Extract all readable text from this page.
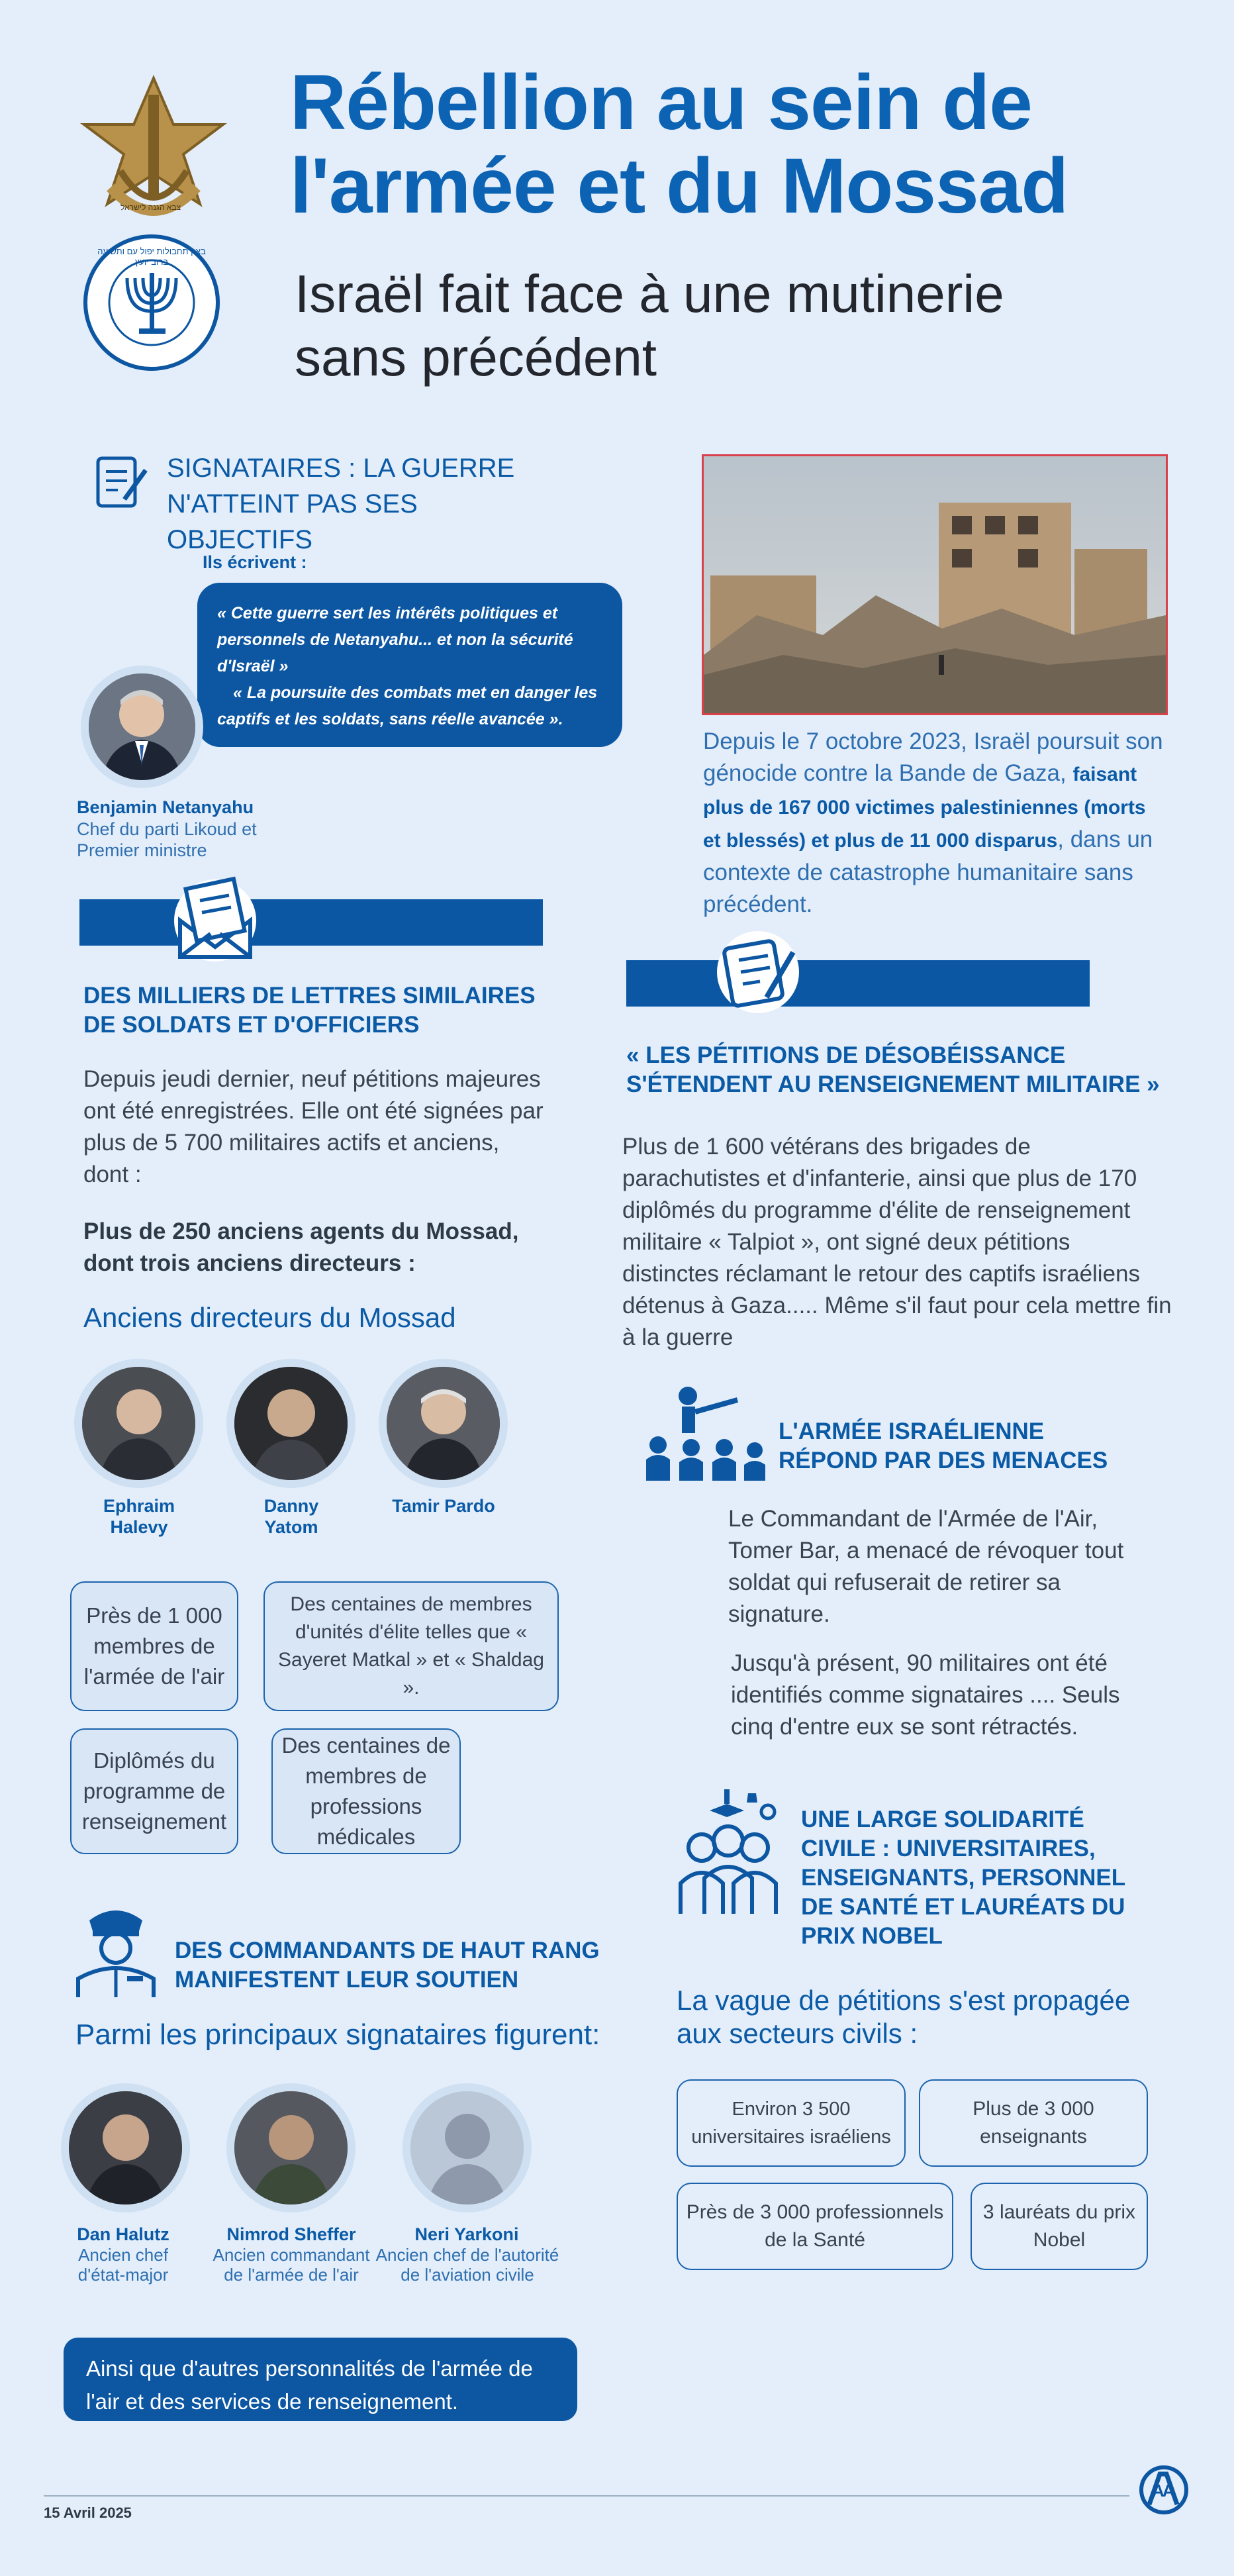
צבא הגנה לישראל
באין תחבולות יפול עם ותשועה ברוב יועץ
Rébellion au sein de l'armée et du Mossad
Israël fait face à une mutinerie sans précédent
SIGNATAIRES : LA GUERRE N'ATTEINT PAS SES OBJECTIFS
Ils écrivent :
« Cette guerre sert les intérêts politiques et personnels de Netanyahu... et non la sécurité d'Israël »
« La poursuite des combats met en danger les captifs et les soldats, sans réelle avancée ».
Benjamin Netanyahu
Chef du parti Likoud et Premier ministre
Depuis le 7 octobre 2023, Israël poursuit son génocide contre la Bande de Gaza, faisant plus de 167 000 victimes palestiniennes (morts et blessés) et plus de 11 000 disparus, dans un contexte de catastrophe humanitaire sans précédent.
DES MILLIERS DE LETTRES SIMILAIRES DE SOLDATS ET D'OFFICIERS
Depuis jeudi dernier, neuf pétitions majeures ont été enregistrées. Elle ont été signées par plus de 5 700 militaires actifs et anciens, dont :
Plus de 250 anciens agents du Mossad, dont trois anciens directeurs :
Anciens directeurs du Mossad
Ephraim Halevy
Danny Yatom
Tamir Pardo
Près de 1 000 membres de l'armée de l'air
Des centaines de membres d'unités d'élite telles que « Sayeret Matkal » et « Shaldag ».
Diplômés du programme de renseignement
Des centaines de membres de professions médicales
« LES PÉTITIONS DE DÉSOBÉISSANCE S'ÉTENDENT AU RENSEIGNEMENT MILITAIRE »
Plus de 1 600 vétérans des brigades de parachutistes et d'infanterie, ainsi que plus de 170 diplômés du programme d'élite de renseignement militaire « Talpiot », ont signé deux pétitions distinctes réclamant le retour des captifs israéliens détenus à Gaza..... Même s'il faut pour cela mettre fin à la guerre
L'ARMÉE ISRAÉLIENNE RÉPOND PAR DES MENACES
Le Commandant de l'Armée de l'Air, Tomer Bar, a menacé de révoquer tout soldat qui refuserait de retirer sa signature.
Jusqu'à présent, 90 militaires ont été identifiés comme signataires .... Seuls cinq d'entre eux se sont rétractés.
DES COMMANDANTS DE HAUT RANG MANIFESTENT LEUR SOUTIEN
Parmi les principaux signataires figurent:
Dan Halutz
Ancien chef d'état-major
Nimrod Sheffer
Ancien commandant de l'armée de l'air
Neri Yarkoni
Ancien chef de l'autorité de l'aviation civile
Ainsi que d'autres personnalités de l'armée de l'air et des services de renseignement.
UNE LARGE SOLIDARITÉ CIVILE : UNIVERSITAIRES, ENSEIGNANTS, PERSONNEL DE SANTÉ ET LAURÉATS DU PRIX NOBEL
La vague de pétitions s'est propagée aux secteurs civils :
Environ 3 500 universitaires israéliens
Plus de 3 000 enseignants
Près de 3 000 professionnels de la Santé
3 lauréats du prix Nobel
15 Avril 2025
AA
